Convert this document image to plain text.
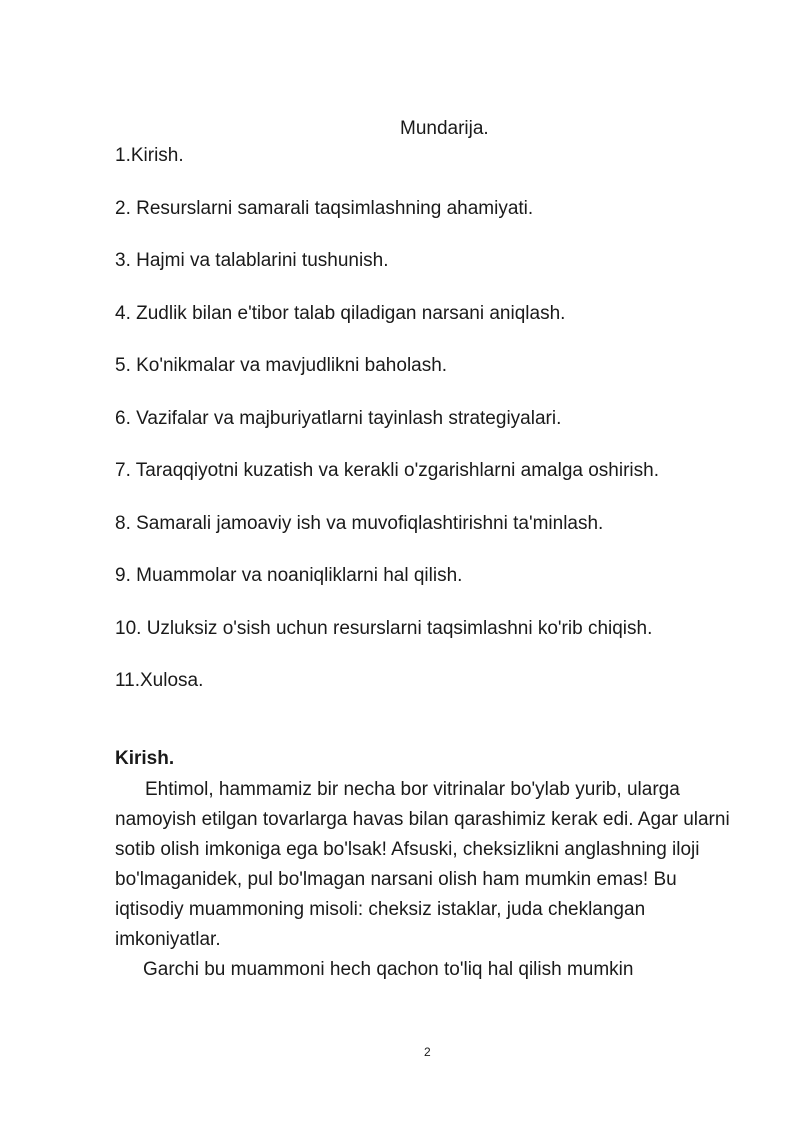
Mundarija.
1.Kirish.
2. Resurslarni samarali taqsimlashning ahamiyati.
3. Hajmi va talablarini tushunish.
4. Zudlik bilan e'tibor talab qiladigan narsani aniqlash.
5. Ko'nikmalar va mavjudlikni baholash.
6. Vazifalar va majburiyatlarni tayinlash strategiyalari.
7. Taraqqiyotni kuzatish va kerakli o'zgarishlarni amalga oshirish.
8. Samarali jamoaviy ish va muvofiqlashtirishni ta'minlash.
9. Muammolar va noaniqliklarni hal qilish.
10. Uzluksiz o'sish uchun resurslarni taqsimlashni ko'rib chiqish.
11.Xulosa.
Kirish.

Ehtimol, hammamiz bir necha bor vitrinalar bo'ylab yurib, ularga namoyish etilgan tovarlarga havas bilan qarashimiz kerak edi. Agar ularni sotib olish imkoniga ega bo'lsak! Afsuski, cheksizlikni anglashning iloji bo'lmaganidek, pul bo'lmagan narsani olish ham mumkin emas! Bu iqtisodiy muammoning misoli: cheksiz istaklar, juda cheklangan imkoniyatlar.

Garchi bu muammoni hech qachon to'liq hal qilish mumkin

2
